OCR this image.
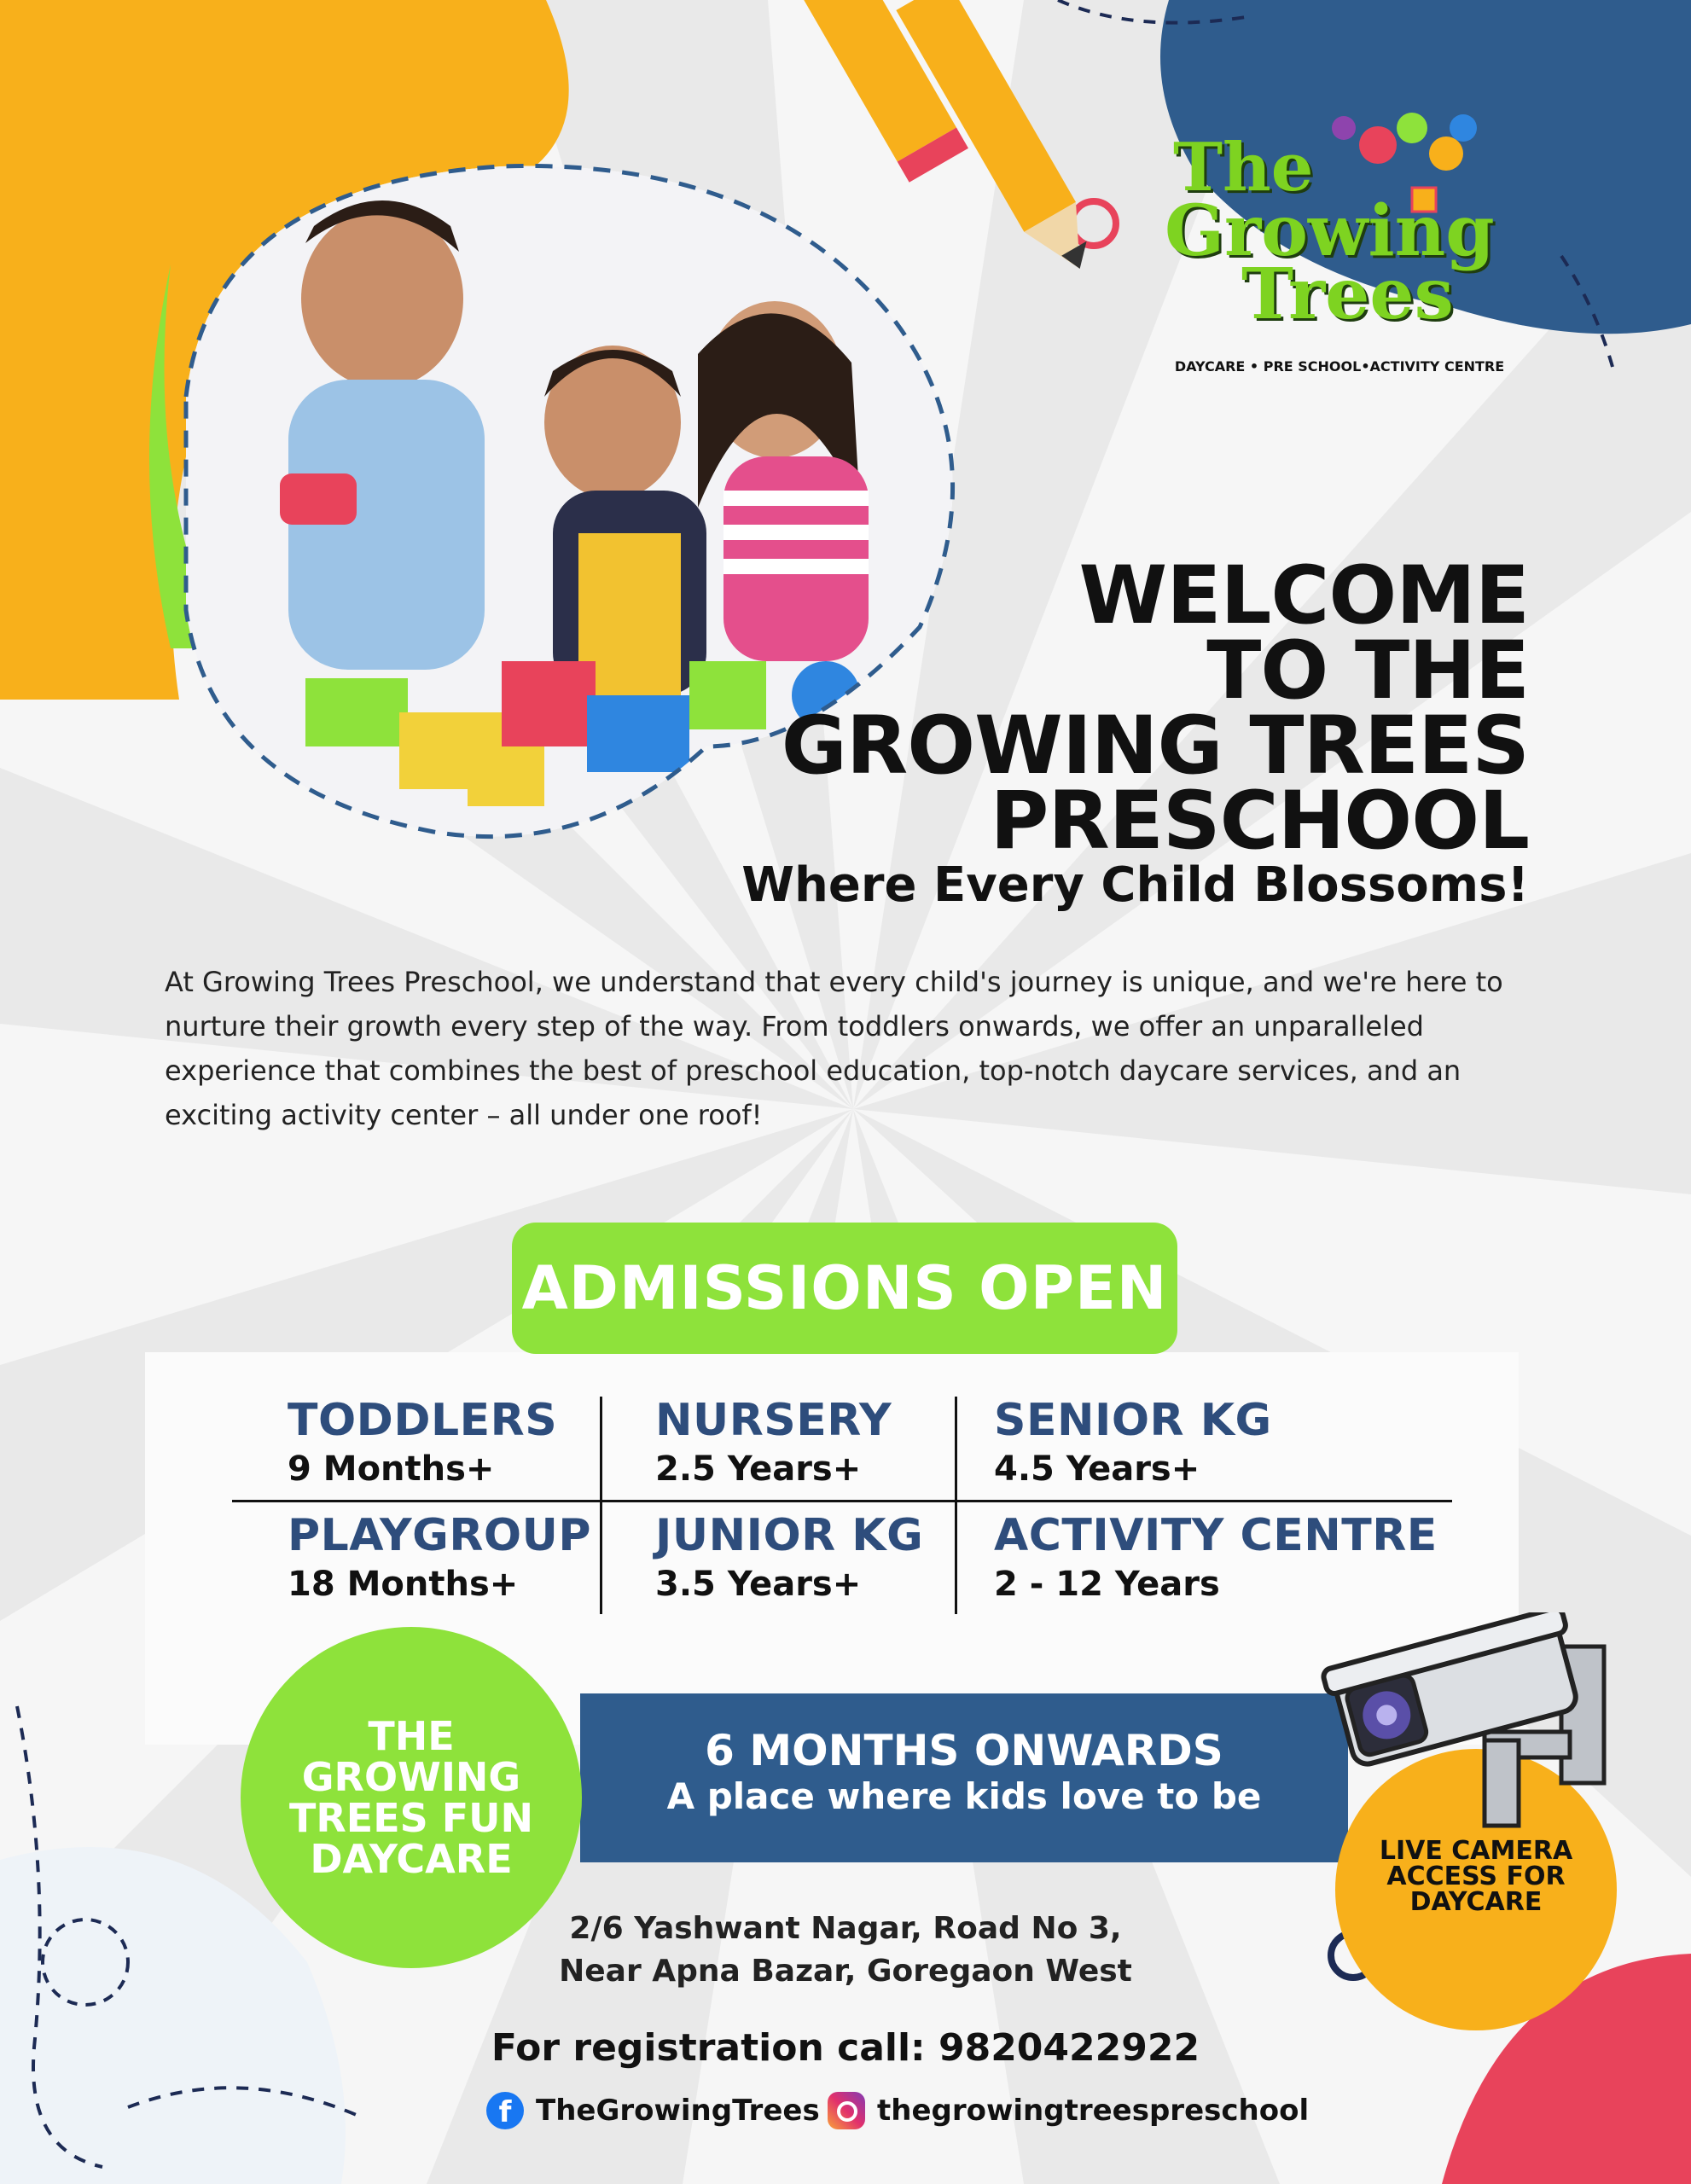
The
Growing
Trees
DAYCARE • PRE SCHOOL•ACTIVITY CENTRE
WELCOME
TO THE
GROWING TREES
PRESCHOOL
Where Every Child Blossoms!
At Growing Trees Preschool, we understand that every child's journey is unique, and we're here to nurture their growth every step of the way. From toddlers onwards, we offer an unparalleled experience that combines the best of preschool education, top-notch daycare services, and an exciting activity center – all under one roof!
ADMISSIONS OPEN
TODDLERS
9 Months+
NURSERY
2.5 Years+
SENIOR KG
4.5 Years+
PLAYGROUP
18 Months+
JUNIOR KG
3.5 Years+
ACTIVITY CENTRE
2 - 12 Years
6 MONTHS ONWARDS
A place where kids love to be
THE
GROWING
TREES FUN
DAYCARE	LIVE CAMERA
ACCESS FOR
DAYCARE
2/6 Yashwant Nagar, Road No 3,
Near Apna Bazar, Goregaon West
For registration call: 9820422922
f TheGrowingTrees thegrowingtreespreschool
